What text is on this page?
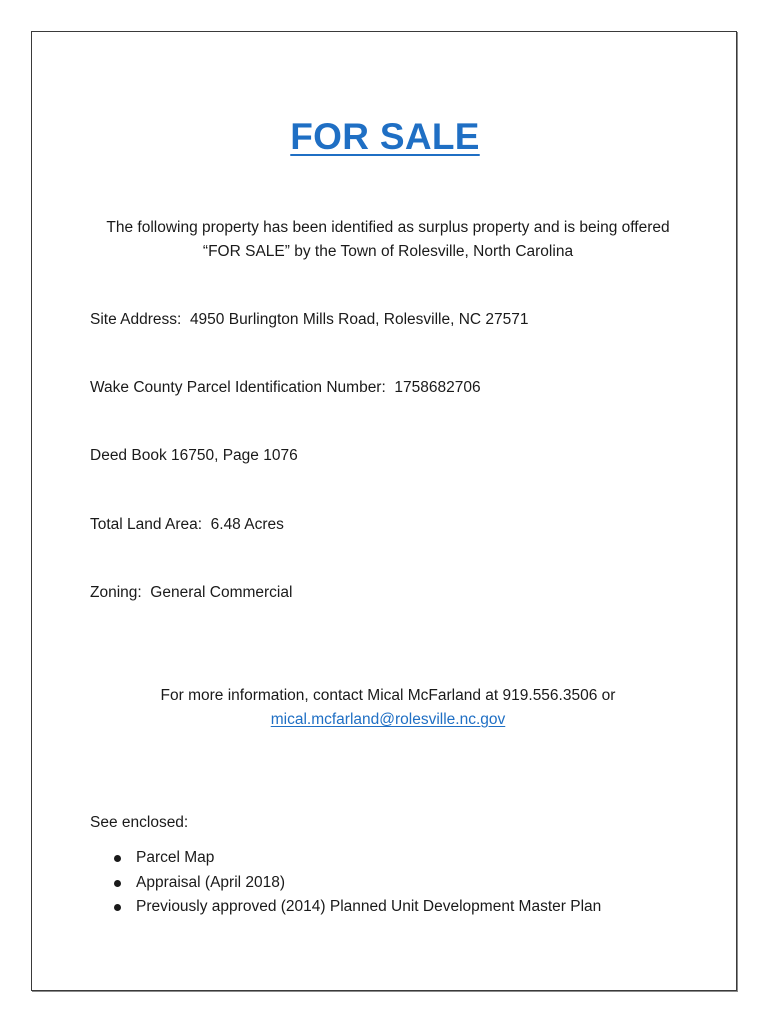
FOR SALE
The following property has been identified as surplus property and is being offered
“FOR SALE” by the Town of Rolesville, North Carolina
Site Address:  4950 Burlington Mills Road, Rolesville, NC 27571
Wake County Parcel Identification Number:  1758682706
Deed Book 16750, Page 1076
Total Land Area:  6.48 Acres
Zoning:  General Commercial
For more information, contact Mical McFarland at 919.556.3506 or
mical.mcfarland@rolesville.nc.gov
See enclosed:
Parcel Map
Appraisal (April 2018)
Previously approved (2014) Planned Unit Development Master Plan
